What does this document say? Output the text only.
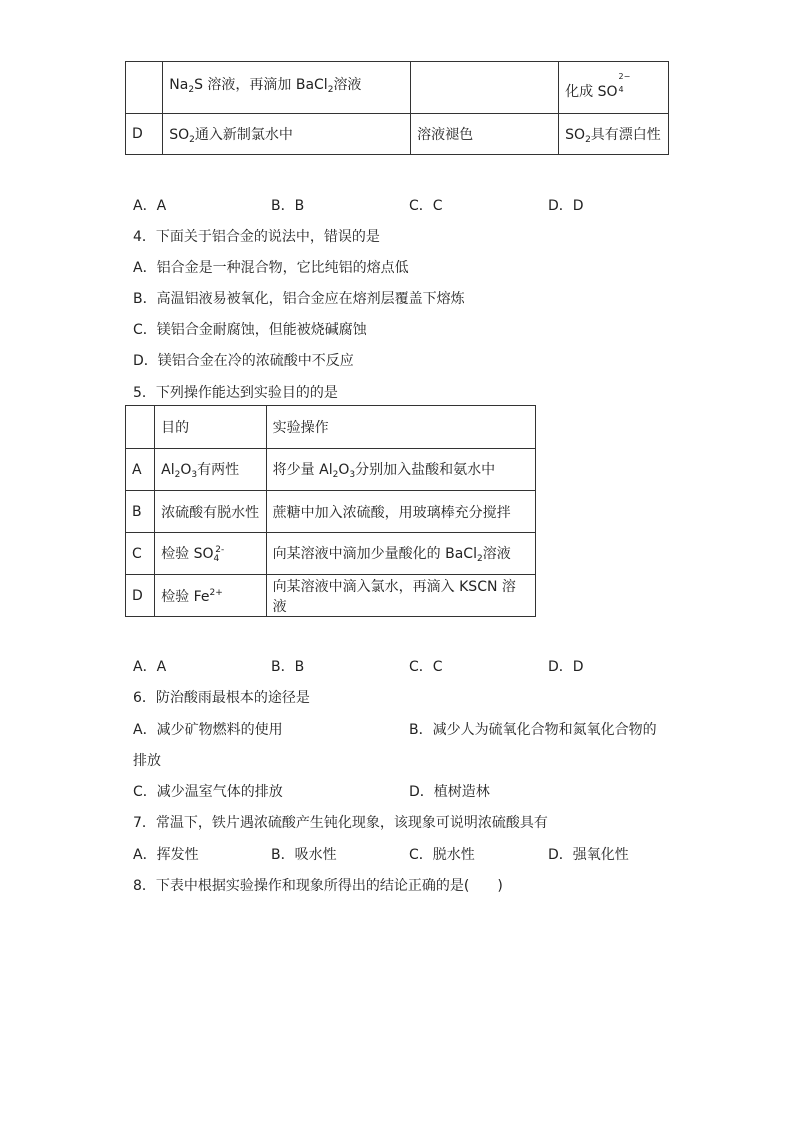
	$Na_2S$ 溶液，再滴加 BaCl$_2$溶液		化成 SO
2−
4

D	$SO_2$通入新制氯水中	溶液褪色	$SO_2$具有漂白性
A．A	B．B	C．C	D．D
4．下面关于铝合金的说法中，错误的是
A．铝合金是一种混合物，它比纯铝的熔点低
B．高温铝液易被氧化，铝合金应在熔剂层覆盖下熔炼
C．镁铝合金耐腐蚀，但能被烧碱腐蚀
D．镁铝合金在冷的浓硫酸中不反应
5．下列操作能达到实验目的的是
	目的	实验操作
A	$Al_2O_3$有两性	将少量 $Al_2O_3$分别加入盐酸和氨水中
B	浓硫酸有脱水性	蔗糖中加入浓硫酸，用玻璃棒充分搅拌
C	检验 $SO_4^{2-}$	向某溶液中滴加少量酸化的 BaCl$_2$溶液
D	检验 $Fe^{2+}$	向某溶液中滴入氯水，再滴入 KSCN 溶液
A．A	B．B	C．C	D．D
6．防治酸雨最根本的途径是
A．减少矿物燃料的使用	B．减少人为硫氧化合物和氮氧化合物的
排放
C．减少温室气体的排放	D．植树造林
7．常温下，铁片遇浓硫酸产生钝化现象，该现象可说明浓硫酸具有
A．挥发性	B．吸水性	C．脱水性	D．强氧化性
8．下表中根据实验操作和现象所得出的结论正确的是(　　)
